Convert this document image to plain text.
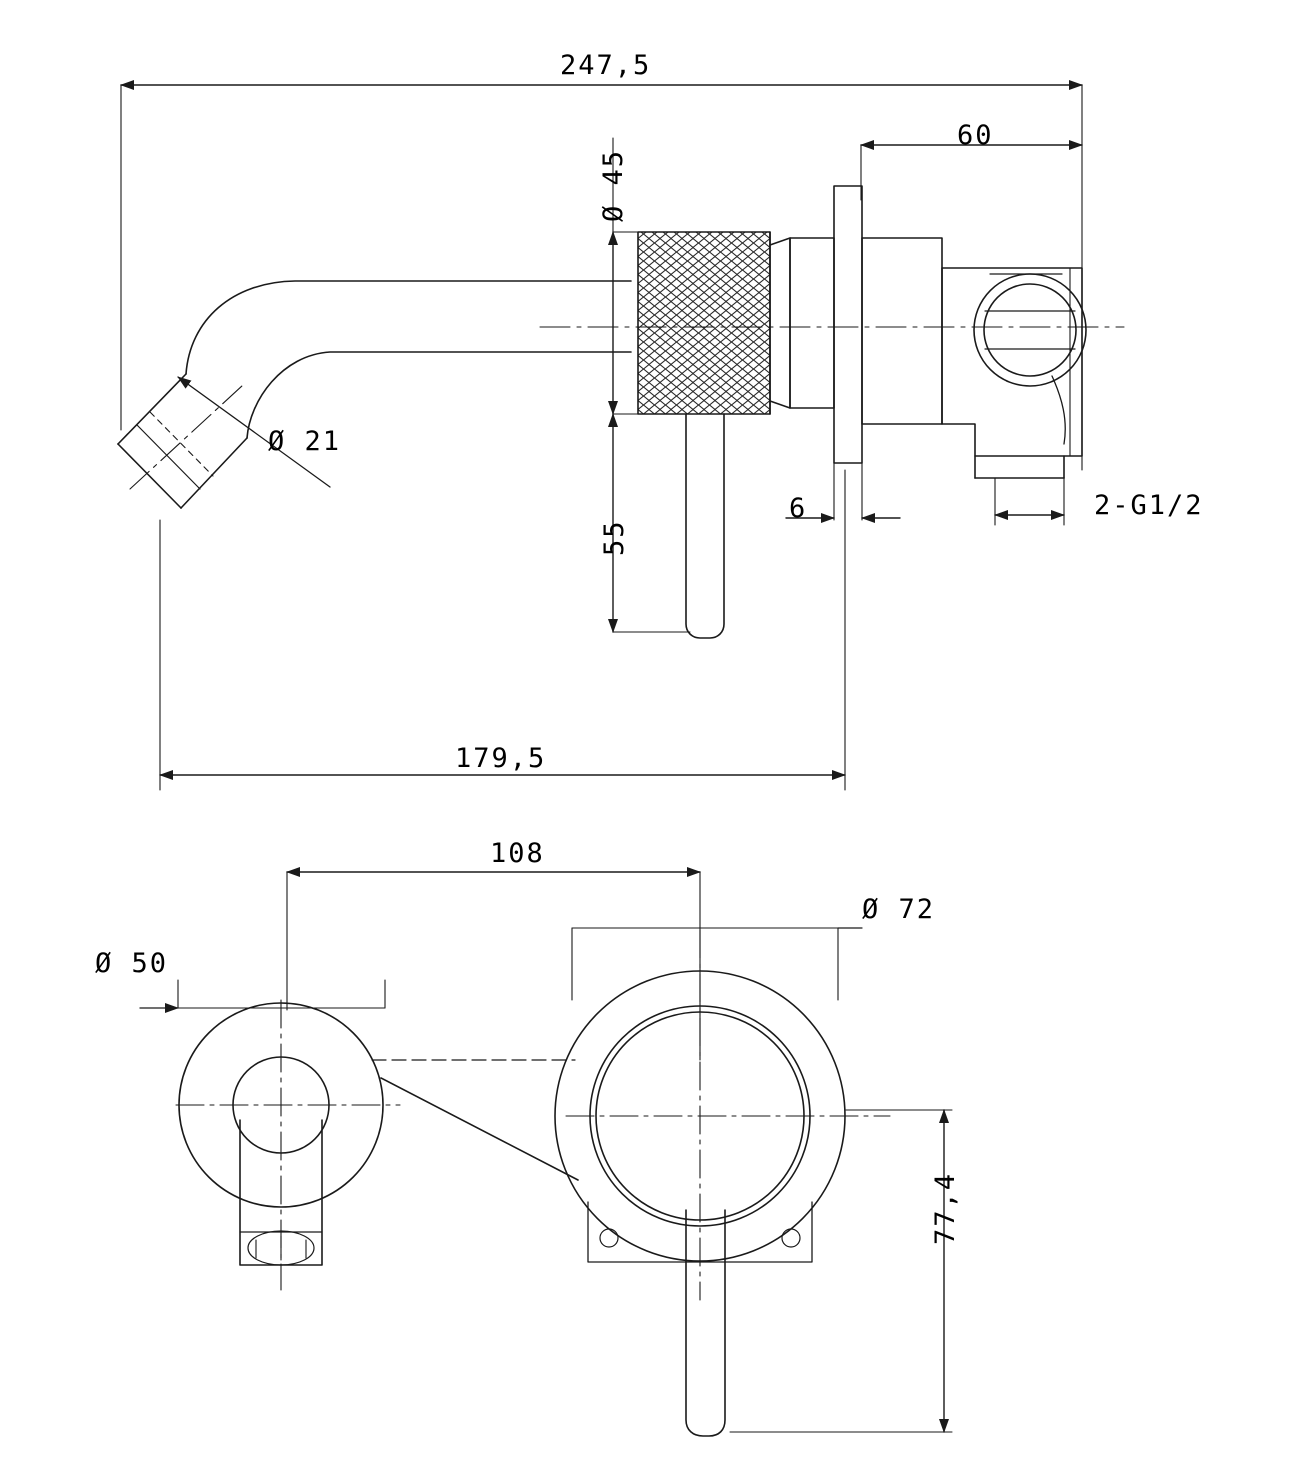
247,5
60
Ø 21
Ø 45
55
6	2-G1/2
179,5
108
Ø 50
Ø 72
77,4
